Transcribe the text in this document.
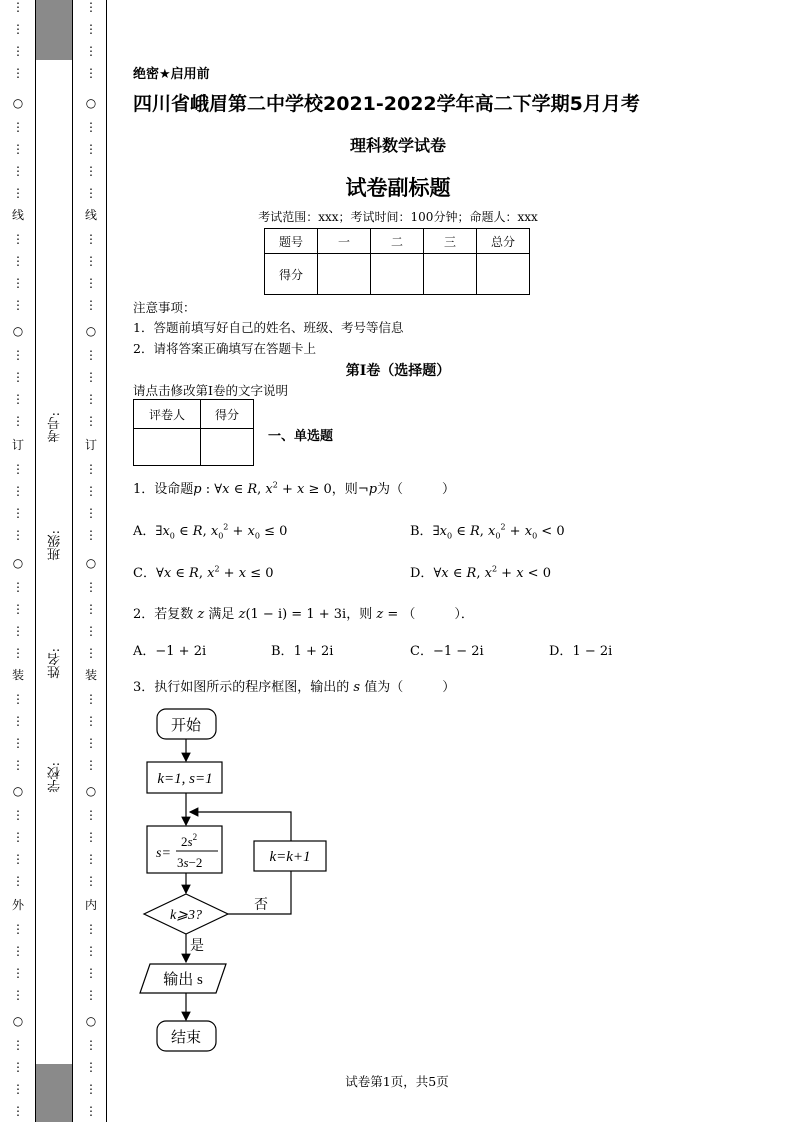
⋮
⋮
⋮
⋮
○
⋮
⋮
⋮
⋮
线
⋮
⋮
⋮
⋮
○
⋮
⋮
⋮
⋮
订
⋮
⋮
⋮
⋮
○
⋮
⋮
⋮
⋮
装
⋮
⋮
⋮
⋮
○
⋮
⋮
⋮
⋮
外
⋮
⋮
⋮
⋮
○
⋮
⋮
⋮
⋮
考号:
班级:
姓名:
学校:
⋮
⋮
⋮
⋮
○
⋮
⋮
⋮
⋮
线
⋮
⋮
⋮
⋮
○
⋮
⋮
⋮
⋮
订
⋮
⋮
⋮
⋮
○
⋮
⋮
⋮
⋮
装
⋮
⋮
⋮
⋮
○
⋮
⋮
⋮
⋮
内
⋮
⋮
⋮
⋮
○
⋮
⋮
⋮
⋮
绝密★启用前
四川省峨眉第二中学校2021-2022学年高二下学期5月月考
理科数学试卷
试卷副标题
考试范围：xxx；考试时间：100分钟；命题人：xxx
题号	一	二	三	总分
得分				
注意事项：
1．答题前填写好自己的姓名、班级、考号等信息
2．请将答案正确填写在答题卡上
第I卷（选择题）
请点击修改第I卷的文字说明
评卷人	得分

一、单选题
1．设命题p : ∀x ∈ R, $x^2 + x \ge 0$，则¬p为（　　　）
A．$\exists x_0$ ∈ R, $x_0^2 + x_0 \le 0$	B．$\exists x_0$ ∈ R, $x_0^2 + x_0 < 0$
C．∀x ∈ R, $x^2 + x \le 0$	D．∀x ∈ R, $x^2 + x < 0$
2．若复数 z 满足 z(1 − i) = 1 + 3i，则 z = （　　　）．
A．−1 + 2i	B．1 + 2i	C．−1 − 2i	D．1 − 2i
3．执行如图所示的程序框图，输出的 s 值为（　　　）
开始
k=1, s=1
s=
$2s^2$
3s−2
k⩾3?
k=k+1
否
是
输出 s
结束
试卷第1页，共5页
